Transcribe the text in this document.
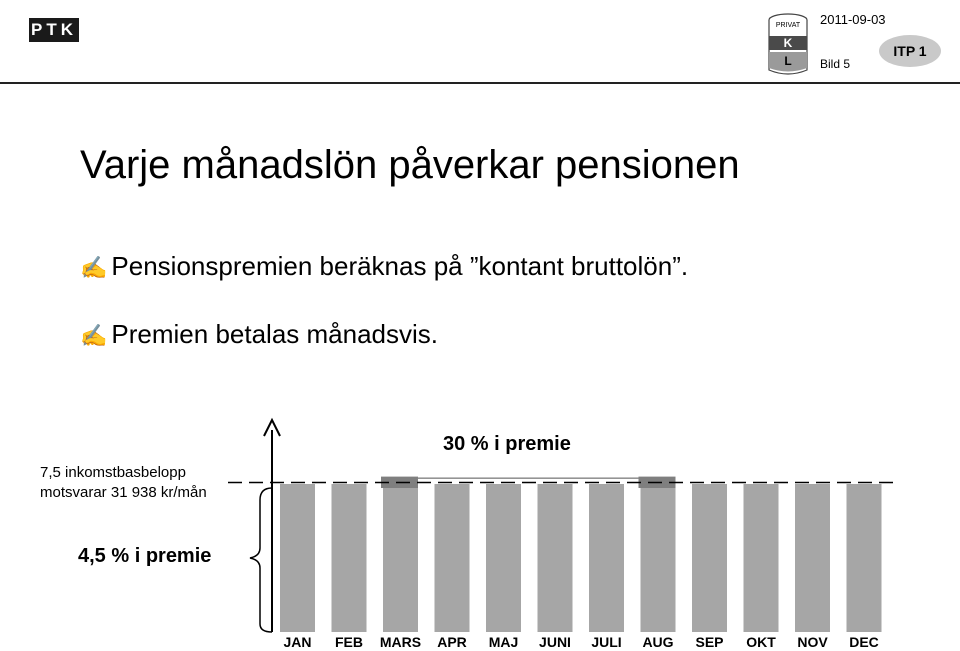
PTK	PRIVAT
K
L
2011-09-03
Bild 5
ITP 1
Varje månadslön påverkar pensionen
✍ Pensionspremien beräknas på ”kontant bruttolön”.
✍ Premien betalas månadsvis.
7,5 inkomstbasbelopp
motsvarar 31 938 kr/mån
4,5 % i premie
30 % i premie
JAN FEB MARS APR MAJ JUNI JULI AUG SEP OKT NOV DEC
